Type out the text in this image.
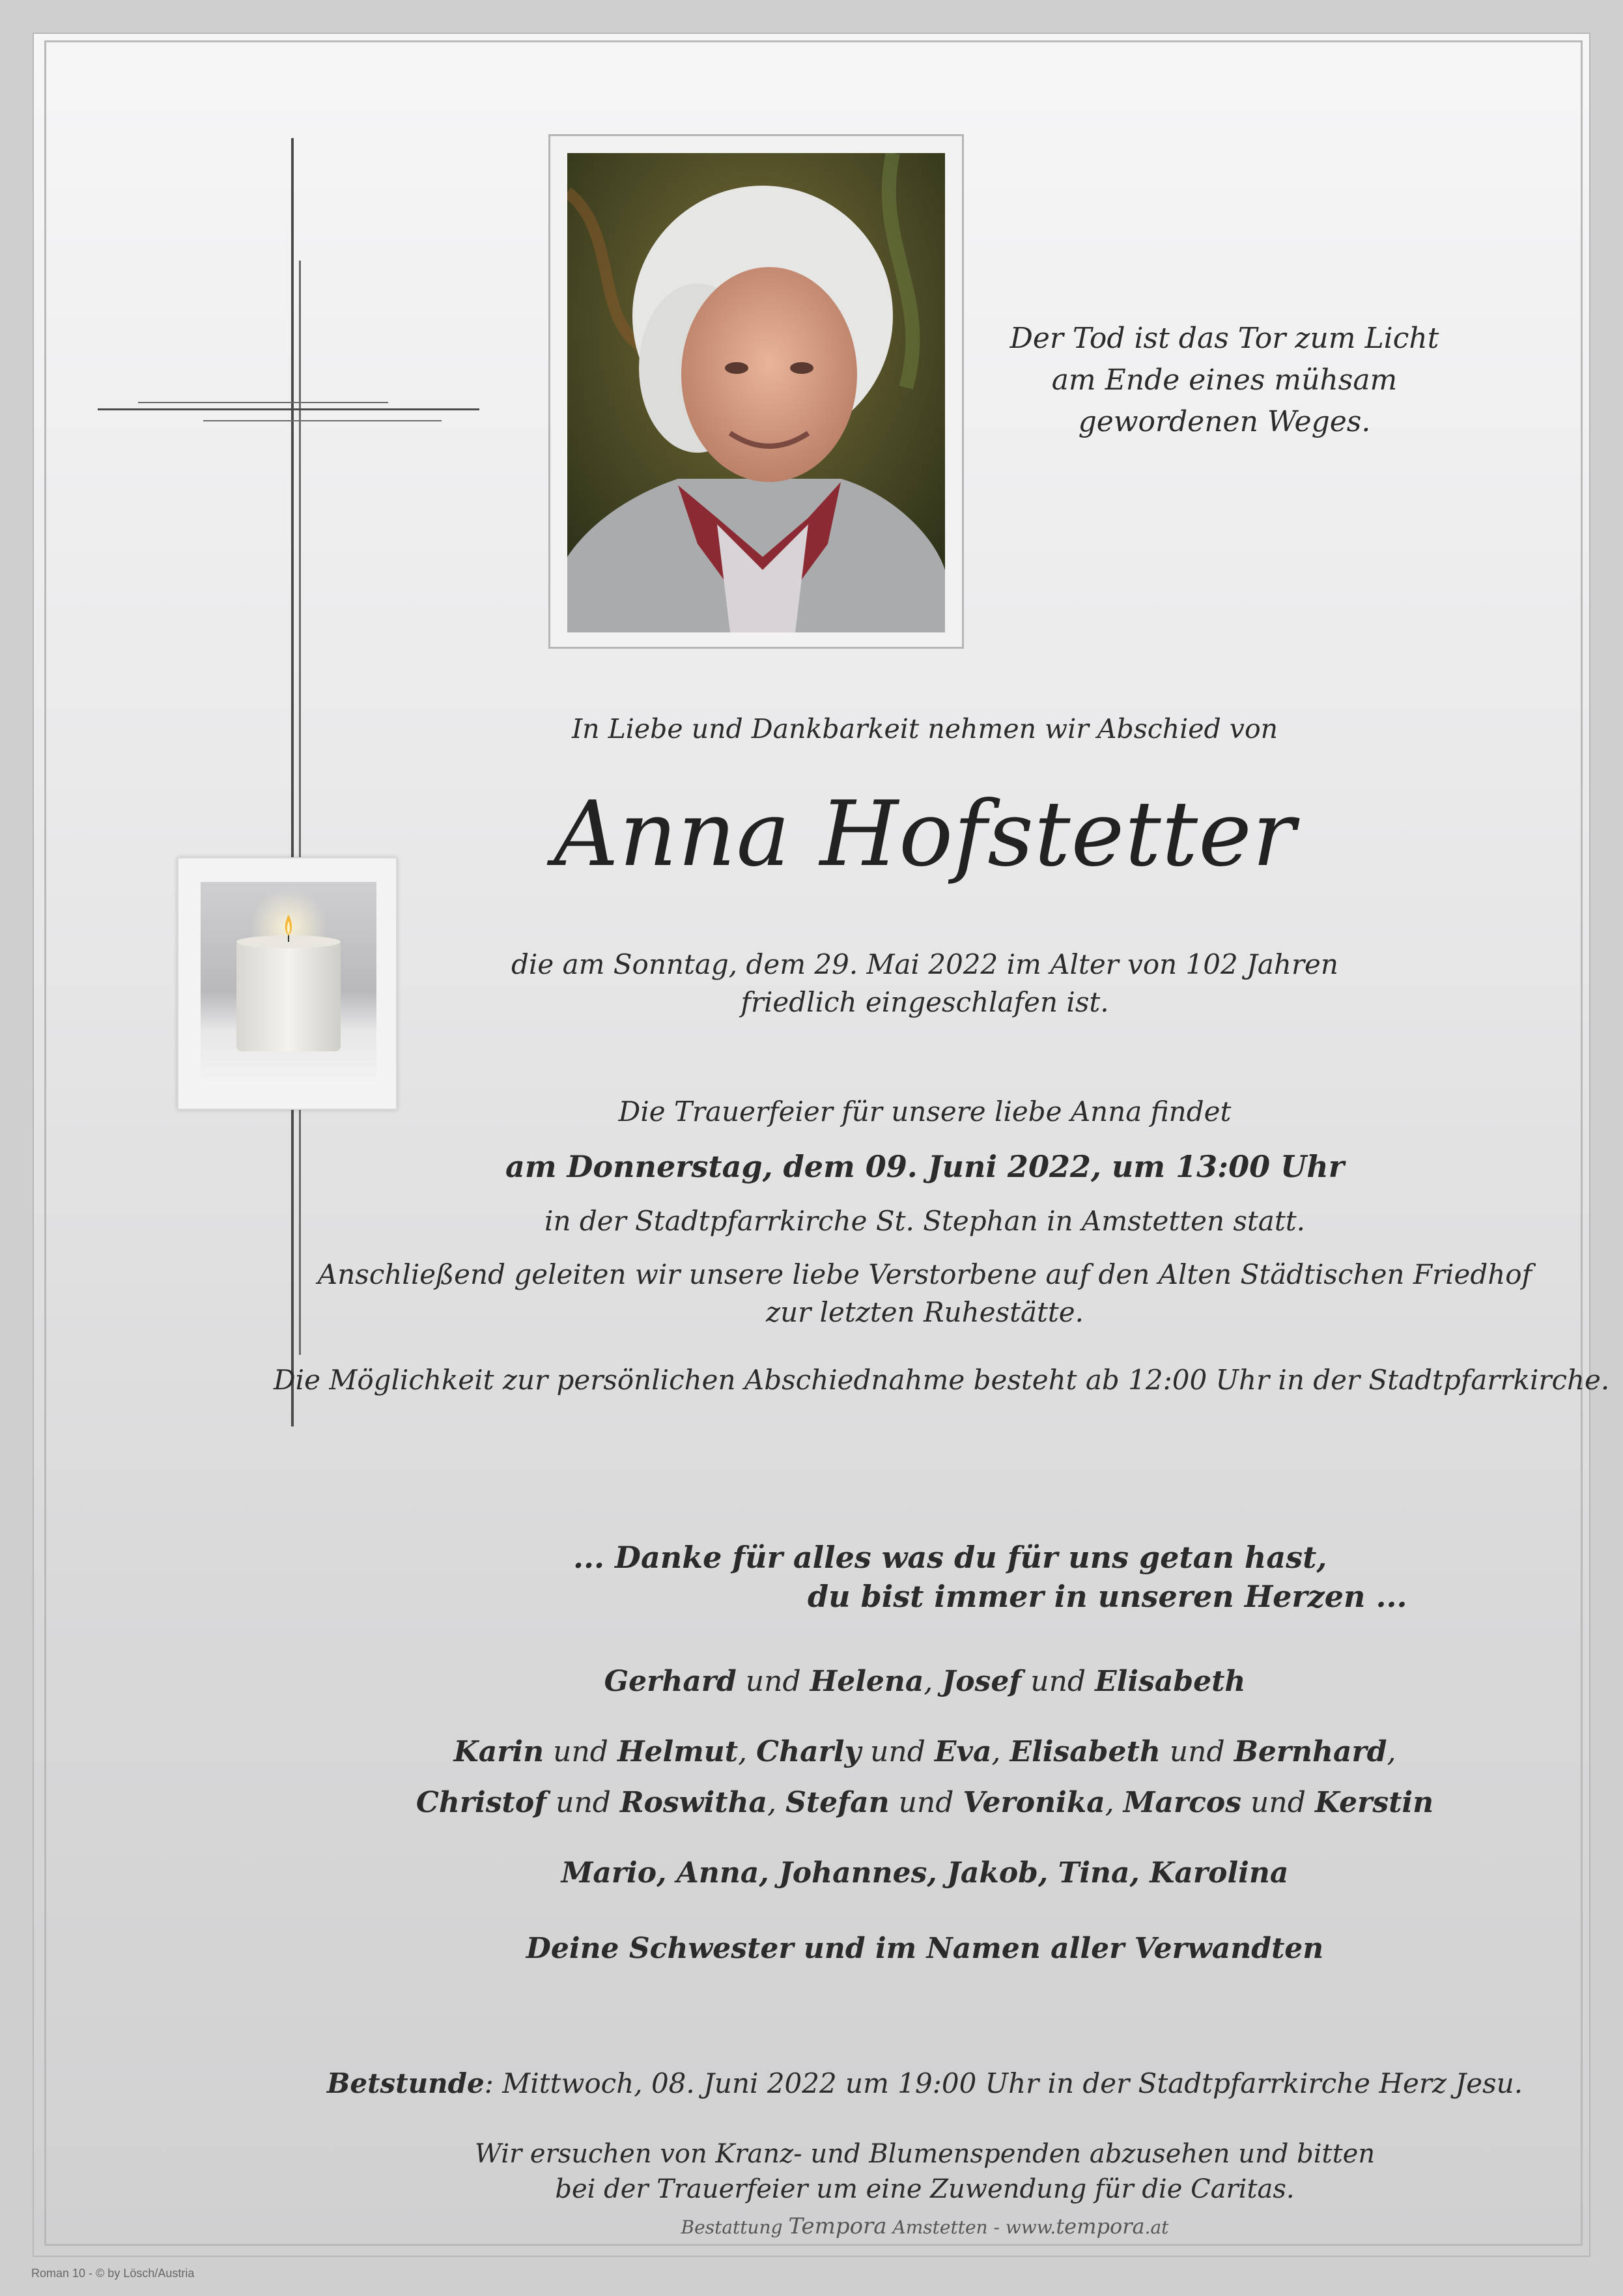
Der Tod ist das Tor zum Licht
am Ende eines mühsam
gewordenen Weges.
In Liebe und Dankbarkeit nehmen wir Abschied von
Anna Hofstetter
die am Sonntag, dem 29. Mai 2022 im Alter von 102 Jahren
friedlich eingeschlafen ist.
Die Trauerfeier für unsere liebe Anna findet
am Donnerstag, dem 09. Juni 2022, um 13:00 Uhr
in der Stadtpfarrkirche St. Stephan in Amstetten statt.
Anschließend geleiten wir unsere liebe Verstorbene auf den Alten Städtischen Friedhof
zur letzten Ruhestätte.
Die Möglichkeit zur persönlichen Abschiednahme besteht ab 12:00 Uhr in der Stadtpfarrkirche.
... Danke für alles was du für uns getan hast,
du bist immer in unseren Herzen ...
Gerhard und Helena, Josef und Elisabeth
Karin und Helmut, Charly und Eva, Elisabeth und Bernhard,
Christof und Roswitha, Stefan und Veronika, Marcos und Kerstin
Mario, Anna, Johannes, Jakob, Tina, Karolina
Deine Schwester und im Namen aller Verwandten
Betstunde: Mittwoch, 08. Juni 2022 um 19:00 Uhr in der Stadtpfarrkirche Herz Jesu.
Wir ersuchen von Kranz- und Blumenspenden abzusehen und bitten
bei der Trauerfeier um eine Zuwendung für die Caritas.
Bestattung Tempora Amstetten - www.tempora.at
Roman 10 - © by Lösch/Austria
